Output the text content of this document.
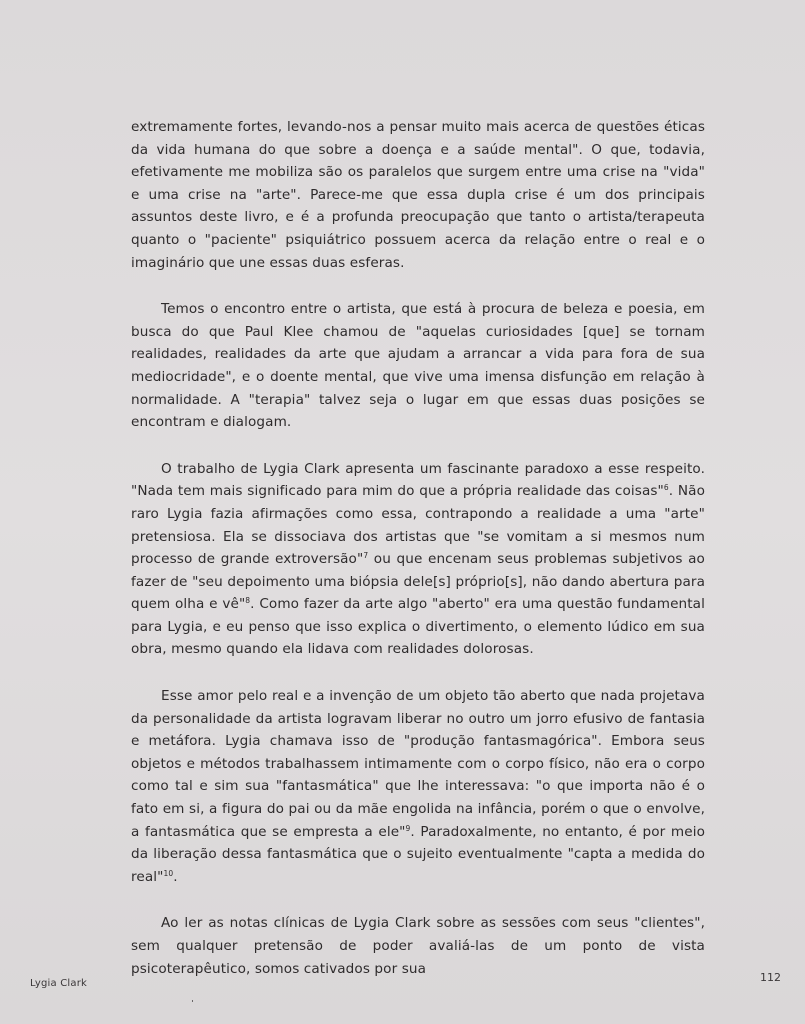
extremamente fortes, levando-nos a pensar muito mais acerca de questões éticas da vida humana do que sobre a doença e a saúde mental". O que, todavia, efetivamente me mobiliza são os paralelos que surgem entre uma crise na "vida" e uma crise na "arte". Parece-me que essa dupla crise é um dos principais assuntos deste livro, e é a profunda preocupação que tanto o artista/terapeuta quanto o "paciente" psiquiátrico possuem acerca da relação entre o real e o imaginário que une essas duas esferas.

Temos o encontro entre o artista, que está à procura de beleza e poesia, em busca do que Paul Klee chamou de "aquelas curiosidades [que] se tornam realidades, realidades da arte que ajudam a arrancar a vida para fora de sua mediocridade", e o doente mental, que vive uma imensa disfunção em relação à normalidade. A "terapia" talvez seja o lugar em que essas duas posições se encontram e dialogam.

O trabalho de Lygia Clark apresenta um fascinante paradoxo a esse respeito. "Nada tem mais significado para mim do que a própria realidade das coisas"$^6$. Não raro Lygia fazia afirmações como essa, contrapondo a realidade a uma "arte" pretensiosa. Ela se dissociava dos artistas que "se vomitam a si mesmos num processo de grande extroversão"$^7$ ou que encenam seus problemas subjetivos ao fazer de "seu depoimento uma biópsia dele[s] próprio[s], não dando abertura para quem olha e vê"$^8$. Como fazer da arte algo "aberto" era uma questão fundamental para Lygia, e eu penso que isso explica o divertimento, o elemento lúdico em sua obra, mesmo quando ela lidava com realidades dolorosas.

Esse amor pelo real e a invenção de um objeto tão aberto que nada projetava da personalidade da artista logravam liberar no outro um jorro efusivo de fantasia e metáfora. Lygia chamava isso de "produção fantasmagórica". Embora seus objetos e métodos trabalhassem intimamente com o corpo físico, não era o corpo como tal e sim sua "fantasmática" que lhe interessava: "o que importa não é o fato em si, a figura do pai ou da mãe engolida na infância, porém o que o envolve, a fantasmática que se empresta a ele"$^9$. Paradoxalmente, no entanto, é por meio da liberação dessa fantasmática que o sujeito eventualmente "capta a medida do real"$^{10}$.

Ao ler as notas clínicas de Lygia Clark sobre as sessões com seus "clientes", sem qualquer pretensão de poder avaliá-las de um ponto de vista psicoterapêutico, somos cativados por sua

Lygia Clark	112
